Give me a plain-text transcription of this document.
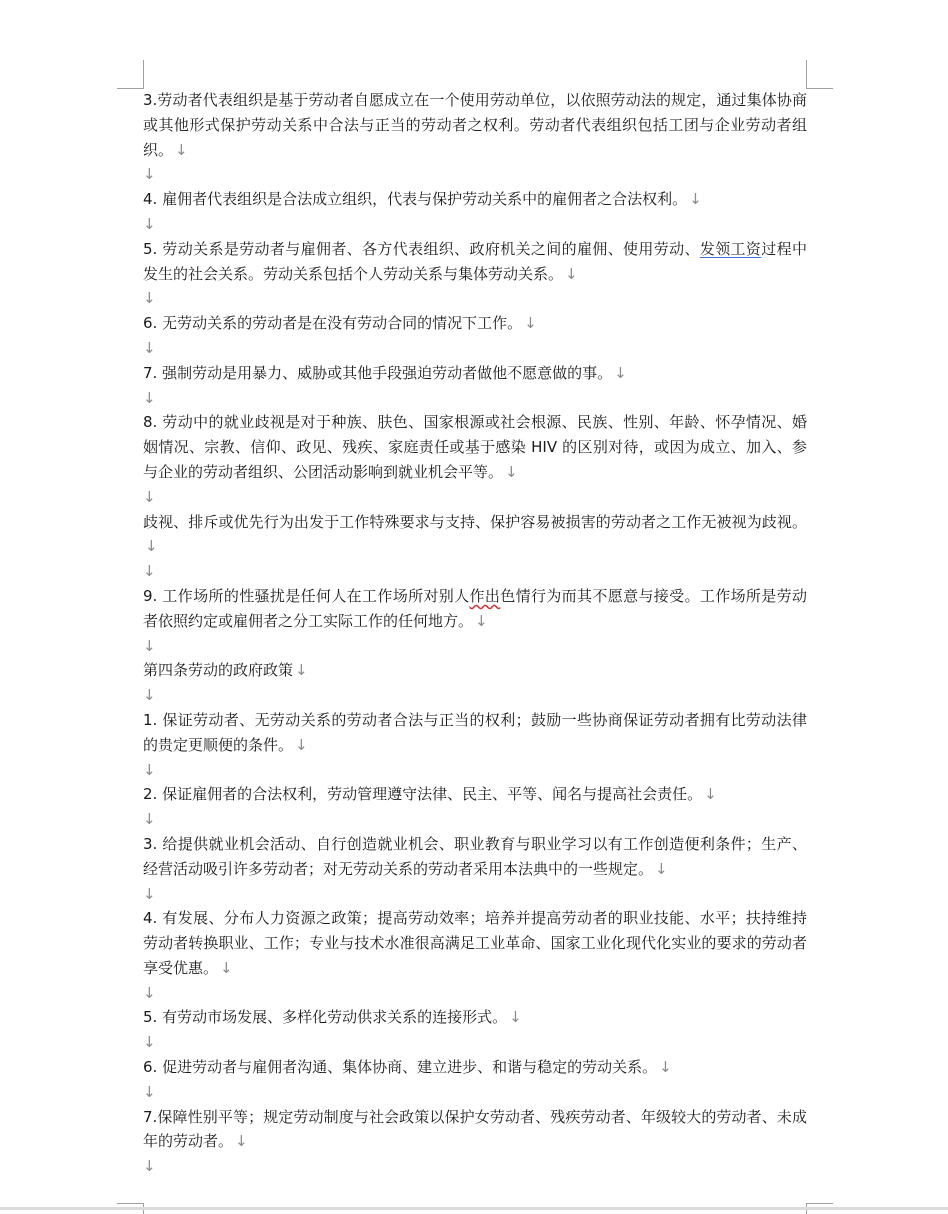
3.劳动者代表组织是基于劳动者自愿成立在一个使用劳动单位，以依照劳动法的规定，通过集体协商或其他形式保护劳动关系中合法与正当的劳动者之权利。劳动者代表组织包括工团与企业劳动者组织。 ↓

↓

4. 雇佣者代表组织是合法成立组织，代表与保护劳动关系中的雇佣者之合法权利。 ↓

↓

5. 劳动关系是劳动者与雇佣者、各方代表组织、政府机关之间的雇佣、使用劳动、发领工资过程中发生的社会关系。劳动关系包括个人劳动关系与集体劳动关系。 ↓

↓

6. 无劳动关系的劳动者是在没有劳动合同的情况下工作。 ↓

↓

7. 强制劳动是用暴力、威胁或其他手段强迫劳动者做他不愿意做的事。 ↓

↓

8. 劳动中的就业歧视是对于种族、肤色、国家根源或社会根源、民族、性别、年龄、怀孕情况、婚姻情况、宗教、信仰、政见、残疾、家庭责任或基于感染 HIV 的区别对待，或因为成立、加入、参与企业的劳动者组织、公团活动影响到就业机会平等。 ↓

↓

歧视、排斥或优先行为出发于工作特殊要求与支持、保护容易被损害的劳动者之工作无被视为歧视。↓

↓

9. 工作场所的性骚扰是任何人在工作场所对别人作出色情行为而其不愿意与接受。工作场所是劳动者依照约定或雇佣者之分工实际工作的任何地方。 ↓

↓

第四条劳动的政府政策 ↓

↓

1. 保证劳动者、无劳动关系的劳动者合法与正当的权利；鼓励一些协商保证劳动者拥有比劳动法律的贵定更顺便的条件。 ↓

↓

2. 保证雇佣者的合法权利，劳动管理遵守法律、民主、平等、闻名与提高社会责任。 ↓

↓

3. 给提供就业机会活动、自行创造就业机会、职业教育与职业学习以有工作创造便利条件；生产、经营活动吸引许多劳动者；对无劳动关系的劳动者采用本法典中的一些规定。 ↓

↓

4. 有发展、分布人力资源之政策；提高劳动效率；培养并提高劳动者的职业技能、水平；扶持维持劳动者转换职业、工作；专业与技术水准很高满足工业革命、国家工业化现代化实业的要求的劳动者享受优惠。 ↓

↓

5. 有劳动市场发展、多样化劳动供求关系的连接形式。 ↓

↓

6. 促进劳动者与雇佣者沟通、集体协商、建立进步、和谐与稳定的劳动关系。 ↓

↓

7.保障性别平等；规定劳动制度与社会政策以保护女劳动者、残疾劳动者、年级较大的劳动者、未成年的劳动者。 ↓

↓
